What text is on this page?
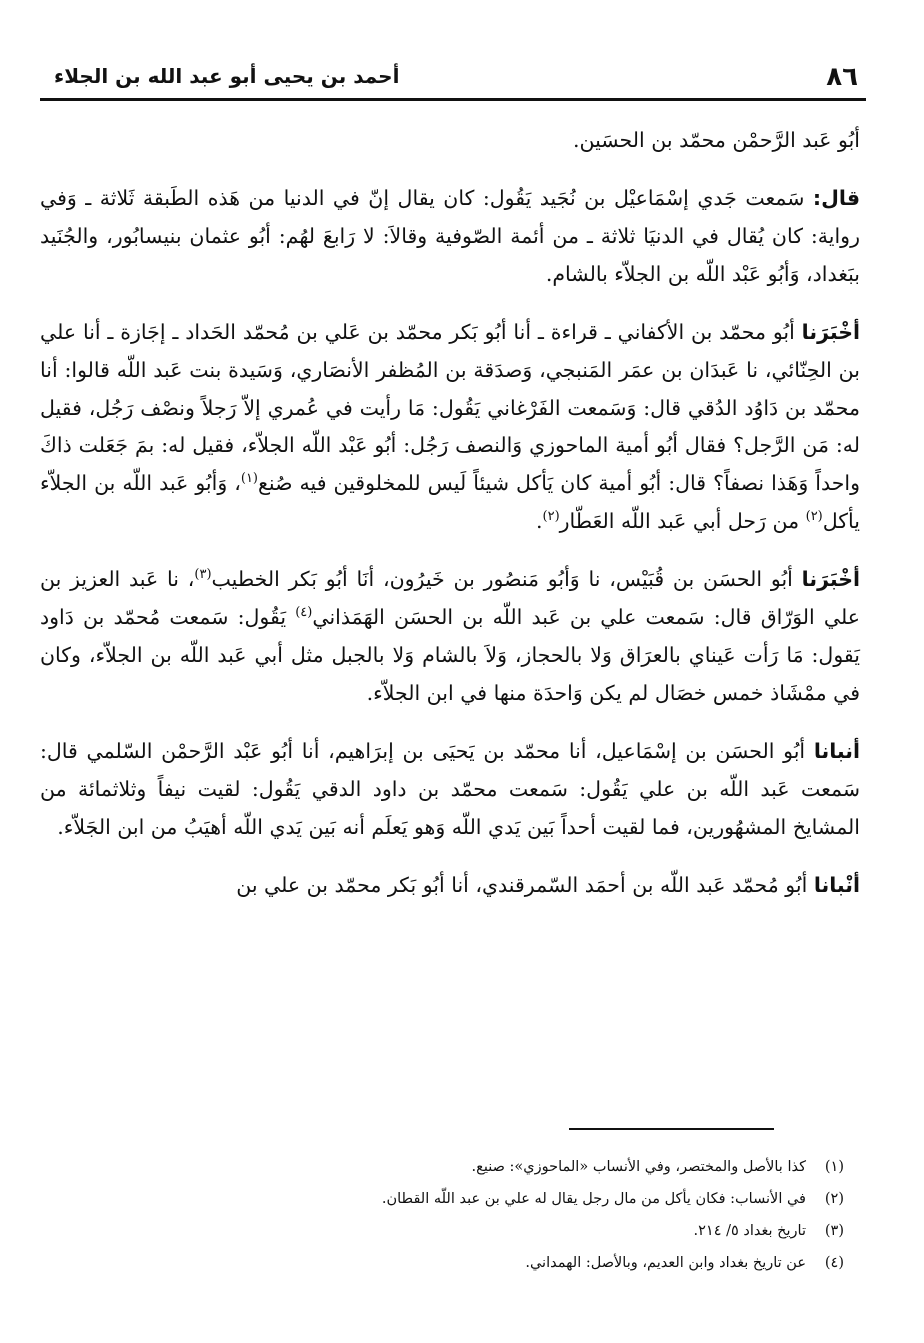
٨٦
أحمد بن يحيى أبو عبد الله بن الجلاء

أبُو عَبد الرَّحمْن محمّد بن الحسَين.

قال: سَمعت جَدي إسْمَاعيْل بن نُجَيد يَقُول: كان يقال إنّ في الدنيا من هَذه الطَبقة ثَلاثة ـ وَفي رواية: كان يُقال في الدنيَا ثلاثة ـ من أئمة الصّوفية وقالاَ: لا رَابعَ لهُم: أبُو عثمان بنيسابُور، والجُنَيد ببَغداد، وَأبُو عَبْد اللّه بن الجلاّء بالشام.

أخْبَرَنا أبُو محمّد بن الأكفاني ـ قراءة ـ أنا أبُو بَكر محمّد بن عَلي بن مُحمّد الحَداد ـ إجَازة ـ أنا علي بن الحِنّائي، نا عَبدَان بن عمَر المَنبجي، وَصدَقة بن المُظفر الأنصَاري، وَسَيدة بنت عَبد اللّه قالوا: أنا محمّد بن دَاوُد الدُقي قال: وَسَمعت الفَرْغاني يَقُول: مَا رأيت في عُمري إلاّ رَجلاً ونصْف رَجُل، فقيل له: مَن الرَّجل؟ فقال أبُو أمية الماحوزي وَالنصف رَجُل: أبُو عَبْد اللّه الجلاّء، فقيل له: بمَ جَعَلت ذاكَ واحداً وَهَذا نصفاً؟ قال: أبُو أمية كان يَأكل شيئاً لَيس للمخلوقين فيه صُنع$^{(١)}$، وَأبُو عَبد اللّه بن الجلاّء يأكل$^{(٢)}$ من رَحل أبي عَبد اللّه العَطّار$^{(٢)}$.

أخْبَرَنا أبُو الحسَن بن قُبَيْس، نا وَأبُو مَنصُور بن خَيرُون، أنَا أبُو بَكر الخطيب$^{(٣)}$، نا عَبد العزيز بن علي الوَرّاق قال: سَمعت علي بن عَبد اللّه بن الحسَن الهَمَذاني$^{(٤)}$ يَقُول: سَمعت مُحمّد بن دَاود يَقول: مَا رَأت عَيناي بالعرَاق وَلا بالحجاز، وَلاَ بالشام وَلا بالجبل مثل أبي عَبد اللّه بن الجلاّء، وكان في ممْشَاذ خمس خصَال لم يكن وَاحدَة منها في ابن الجلاّء.

أنبانا أبُو الحسَن بن إسْمَاعيل، أنا محمّد بن يَحيَى بن إبرَاهيم، أنا أبُو عَبْد الرَّحمْن السّلمي قال: سَمعت عَبد اللّه بن علي يَقُول: سَمعت محمّد بن داود الدقي يَقُول: لقيت نيفاً وثلاثمائة من المشايخ المشهُورين، فما لقيت أحداً بَين يَدي اللّه وَهو يَعلَم أنه بَين يَدي اللّه أهيَبُ من ابن الجَلاّء.

أنْبانا أبُو مُحمّد عَبد اللّه بن أحمَد السّمرقندي، أنا أبُو بَكر محمّد بن علي بن

(١)
كذا بالأصل والمختصر، وفي الأنساب «الماحوزي»: صنيع.
(٢)
في الأنساب: فكان يأكل من مال رجل يقال له علي بن عبد اللّه القطان.
(٣)
تاريخ بغداد ٥/ ٢١٤.
(٤)
عن تاريخ بغداد وابن العديم، وبالأصل: الهمداني.
